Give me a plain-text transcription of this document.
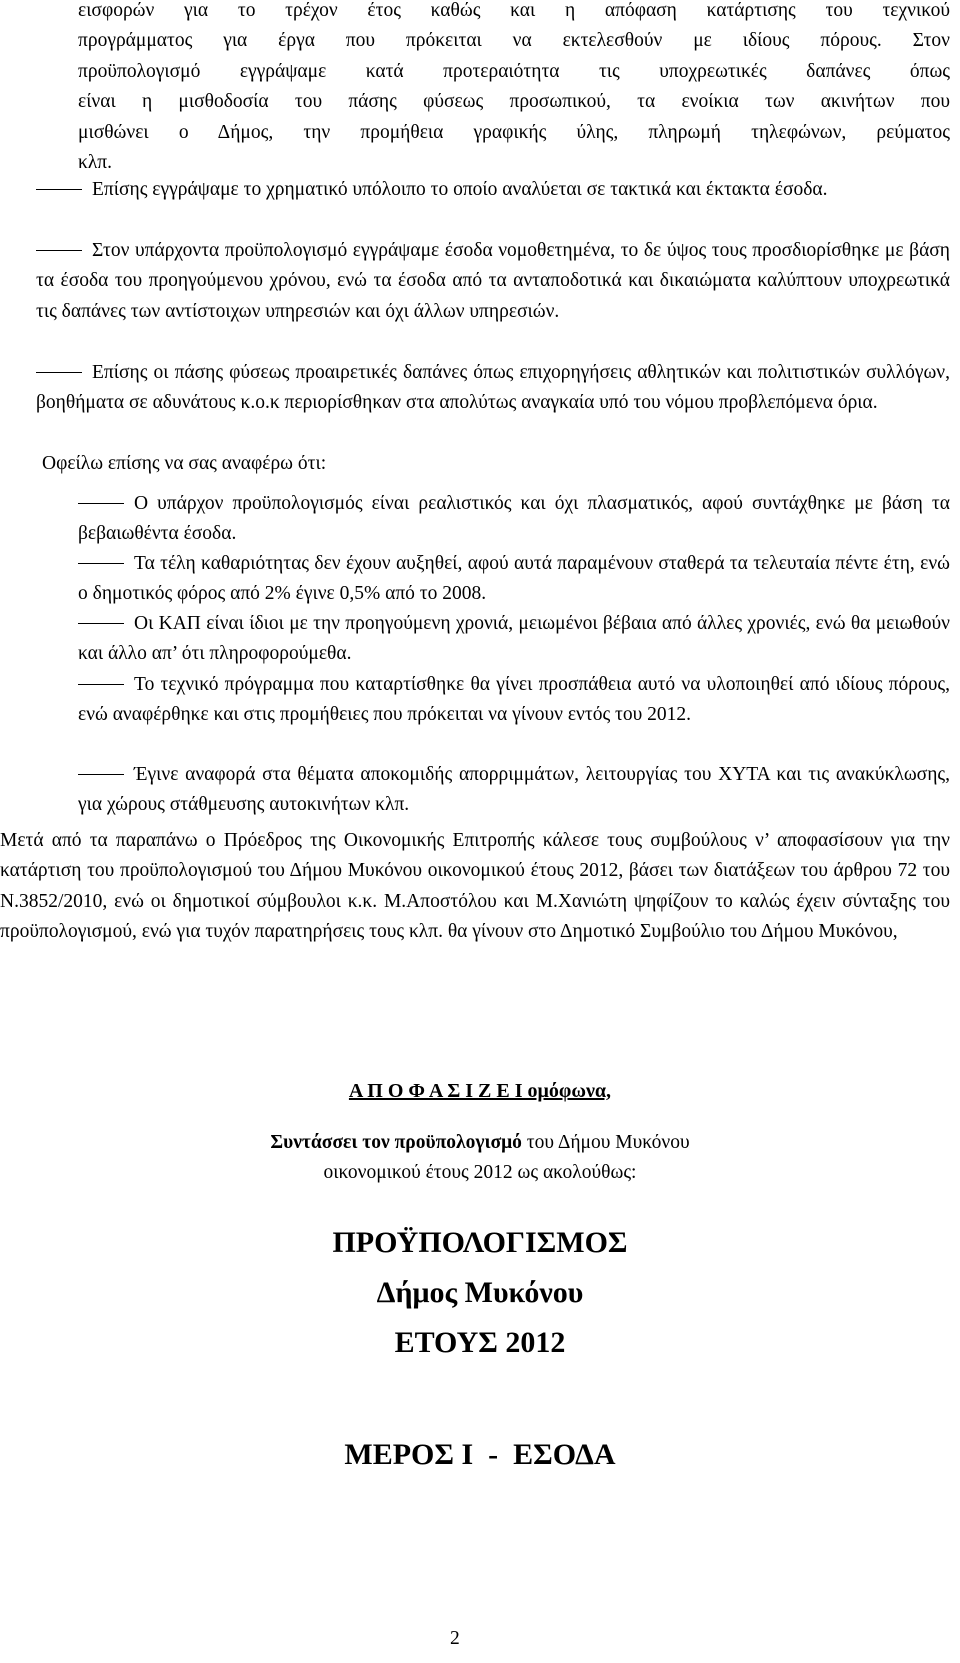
εισφορών για το τρέχον έτος καθώς και η απόφαση κατάρτισης του τεχνικού

προγράμματος για έργα που πρόκειται να εκτελεσθούν με ιδίους πόρους. Στον

προϋπολογισμό εγγράψαμε κατά προτεραιότητα τις υποχρεωτικές δαπάνες όπως

είναι η μισθοδοσία του πάσης φύσεως προσωπικού, τα ενοίκια των ακινήτων που

μισθώνει ο Δήμος, την προμήθεια γραφικής ύλης, πληρωμή τηλεφώνων, ρεύματος

κλπ.

Επίσης εγγράψαμε το χρηματικό υπόλοιπο το οποίο αναλύεται σε τακτικά και έκτακτα έσοδα.
Στον υπάρχοντα προϋπολογισμό εγγράψαμε έσοδα νομοθετημένα, το δε ύψος τους προσδιορίσθηκε με βάση τα έσοδα του προηγούμενου χρόνου, ενώ τα έσοδα από τα ανταποδοτικά και δικαιώματα καλύπτουν υποχρεωτικά τις δαπάνες των αντίστοιχων υπηρεσιών και όχι άλλων υπηρεσιών.
Επίσης οι πάσης φύσεως προαιρετικές δαπάνες όπως επιχορηγήσεις αθλητικών και πολιτιστικών συλλόγων, βοηθήματα σε αδυνάτους κ.ο.κ περιορίσθηκαν στα απολύτως αναγκαία υπό του νόμου προβλεπόμενα όρια.

Οφείλω επίσης να σας αναφέρω ότι:

Ο υπάρχον προϋπολογισμός είναι ρεαλιστικός και όχι πλασματικός, αφού συντάχθηκε με βάση τα βεβαιωθέντα έσοδα.
Τα τέλη καθαριότητας δεν έχουν αυξηθεί, αφού αυτά παραμένουν σταθερά τα τελευταία πέντε έτη, ενώ ο δημοτικός φόρος από 2% έγινε 0,5% από το 2008.
Οι ΚΑΠ είναι ίδιοι με την προηγούμενη χρονιά, μειωμένοι βέβαια από άλλες χρονιές, ενώ θα μειωθούν και άλλο απ’ ότι πληροφορούμεθα.
Το τεχνικό πρόγραμμα που καταρτίσθηκε θα γίνει προσπάθεια αυτό να υλοποιηθεί από ιδίους πόρους, ενώ αναφέρθηκε και στις προμήθειες που πρόκειται να γίνουν εντός του 2012.
Έγινε αναφορά στα θέματα αποκομιδής απορριμμάτων, λειτουργίας του ΧΥΤΑ και τις ανακύκλωσης, για χώρους στάθμευσης αυτοκινήτων κλπ.

Μετά από τα παραπάνω ο Πρόεδρος της Οικονομικής Επιτροπής κάλεσε τους συμβούλους ν’ αποφασίσουν για την κατάρτιση του προϋπολογισμού του Δήμου Μυκόνου οικονομικού έτους 2012, βάσει των διατάξεων του άρθρου 72 του Ν.3852/2010, ενώ οι δημοτικοί σύμβουλοι κ.κ. Μ.Αποστόλου και Μ.Χανιώτη ψηφίζουν το καλώς έχειν σύνταξης του προϋπολογισμού, ενώ για τυχόν παρατηρήσεις τους κλπ. θα γίνουν στο Δημοτικό Συμβούλιο του Δήμου Μυκόνου,

Α Π Ο Φ Α Σ Ι Ζ Ε Ι ομόφωνα,

Συντάσσει τον προϋπολογισμό του Δήμου Μυκόνου
οικονομικού έτους 2012 ως ακολούθως:

ΠΡΟΫΠΟΛΟΓΙΣΜΟΣ

Δήμος Μυκόνου

ΕΤΟΥΣ 2012

ΜΕΡΟΣ Ι  -  ΕΣΟΔΑ

2
